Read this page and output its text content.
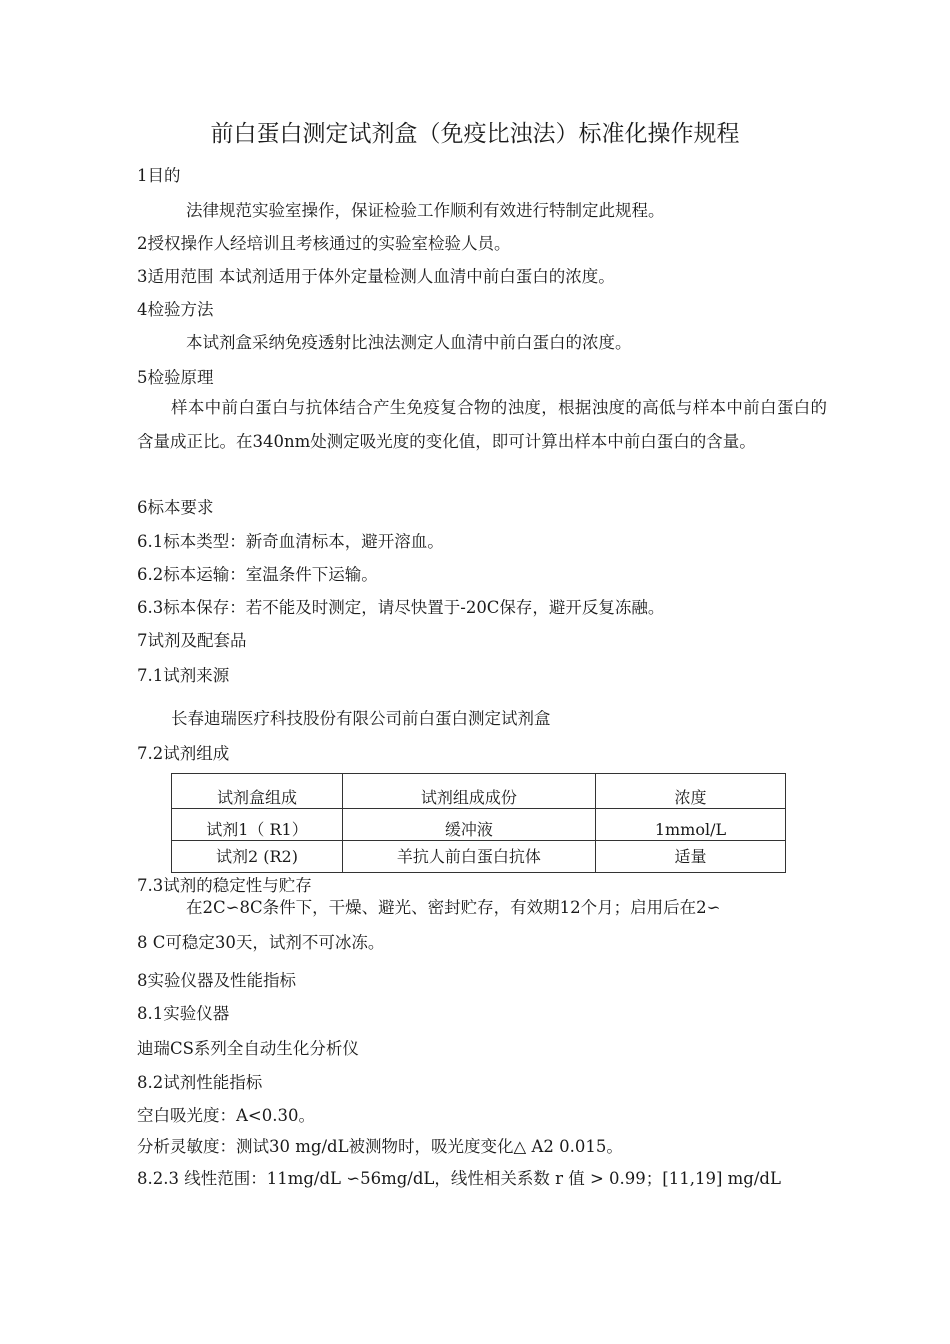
前白蛋白测定试剂盒（免疫比浊法）标准化操作规程
1目的
法律规范实验室操作，保证检验工作顺利有效进行特制定此规程。
2授权操作人经培训且考核通过的实验室检验人员。
3适用范围 本试剂适用于体外定量检测人血清中前白蛋白的浓度。
4检验方法
本试剂盒采纳免疫透射比浊法测定人血清中前白蛋白的浓度。
5检验原理
样本中前白蛋白与抗体结合产生免疫复合物的浊度，根据浊度的高低与样本中前白蛋白的含量成正比。在340nm处测定吸光度的变化值，即可计算出样本中前白蛋白的含量。
6标本要求
6.1标本类型：新奇血清标本，避开溶血。
6.2标本运输：室温条件下运输。
6.3标本保存：若不能及时测定，请尽快置于-20C保存，避开反复冻融。
7试剂及配套品
7.1试剂来源
长春迪瑞医疗科技股份有限公司前白蛋白测定试剂盒
7.2试剂组成
试剂盒组成	试剂组成成份	浓度
试剂1（ R1）	缓冲液	1mmol/L
试剂2 (R2)	羊抗人前白蛋白抗体	适量
7.3试剂的稳定性与贮存
在2C∽8C条件下，干燥、避光、密封贮存，有效期12个月；启用后在2∽
8 C可稳定30天，试剂不可冰冻。
8实验仪器及性能指标
8.1实验仪器
迪瑞CS系列全自动生化分析仪
8.2试剂性能指标
空白吸光度：A<0.30。
分析灵敏度：测试30 mg/dL被测物时，吸光度变化△ A2 0.015。
8.2.3 线性范围：11mg/dL ∽56mg/dL，线性相关系数 r 值 > 0.99；[11,19] mg/dL
